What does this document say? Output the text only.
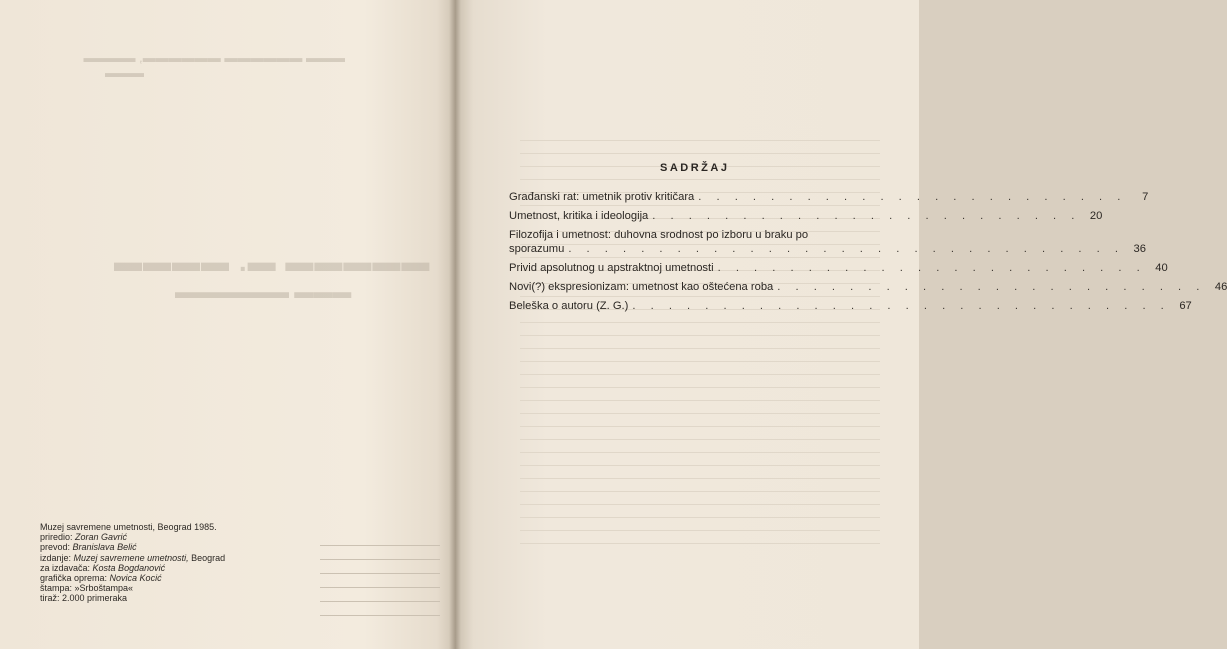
▬▬▬ ▬▬▬▬▬▬ ▬▬▬▬▬▬, ▬▬▬▬
▬▬▬
▬▬▬▬▬ ▬. ▬▬▬▬
▬▬▬ ▬▬▬▬▬▬
Muzej savremene umetnosti, Beograd 1985.
priredio: Zoran Gavrić
prevod: Branislava Belić
izdanje: Muzej savremene umetnosti, Beograd
za izdavača: Kosta Bogdanović
grafička oprema: Novica Kocić
štampa: »Srboštampa«
tiraž: 2.000 primeraka
SADRŽAJ
Građanski rat: umetnik protiv kritičara . . . . . . . . . . . . . . . . . . . . . . . .	7
Umetnost, kritika i ideologija . . . . . . . . . . . . . . . . . . . . . . . . 20
Filozofija i umetnost: duhovna srodnost po izboru u braku po
sporazumu . . . . . . . . . . . . . . . . . . . . . . . . . . . . . . . 36
Privid apsolutnog u apstraktnoj umetnosti . . . . . . . . . . . . . . . . . . . . . . . . 40
Novi(?) ekspresionizam: umetnost kao oštećena roba . . . . . . . . . . . . . . . . . . . . . . . . 46
Beleška o autoru (Z. G.) . . . . . . . . . . . . . . . . . . . . . . . . . . . . . . 67
